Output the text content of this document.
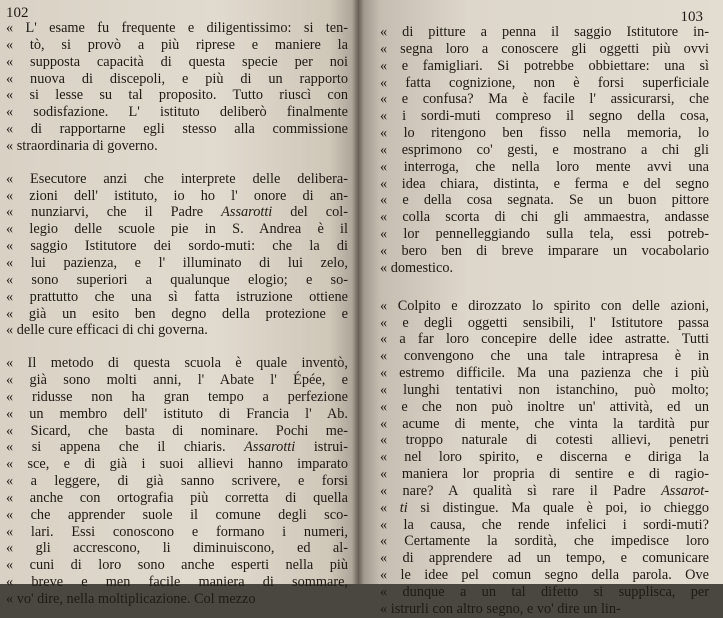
102
« L' esame fu frequente e diligentissimo: si ten-
« tò, si provò a più riprese e maniere la
« supposta capacità di questa specie per noi
« nuova di discepoli, e più di un rapporto
« si lesse su tal proposito. Tutto riuscì con
« sodisfazione. L' istituto deliberò finalmente
« di rapportarne egli stesso alla commissione
« straordinaria di governo.
« Esecutore anzi che interprete delle delibera-
« zioni dell' istituto, io ho l' onore di an-
« nunziarvi, che il Padre Assarotti del col-
« legio delle scuole pie in S. Andrea è il
« saggio Istitutore dei sordo-muti: che la di
« lui pazienza, e l' illuminato di lui zelo,
« sono superiori a qualunque elogio; e so-
« prattutto che una sì fatta istruzione ottiene
« già un esito ben degno della protezione e
« delle cure efficaci di chi governa.
« Il metodo di questa scuola è quale inventò,
« già sono molti anni, l' Abate l' Épée, e
« ridusse non ha gran tempo a perfezione
« un membro dell' istituto di Francia l' Ab.
« Sicard, che basta di nominare. Pochi me-
« si appena che il chiaris. Assarotti istrui-
« sce, e di già i suoi allievi hanno imparato
« a leggere, di già sanno scrivere, e forsi
« anche con ortografia più corretta di quella
« che apprender suole il comune degli sco-
« lari. Essi conoscono e formano i numeri,
« gli accrescono, li diminuiscono, ed al-
« cuni di loro sono anche esperti nella più
« breve e men facile maniera di sommare,
« vo' dire, nella moltiplicazione. Col mezzo
103
« di pitture a penna il saggio Istitutore in-
« segna loro a conoscere gli oggetti più ovvi
« e famigliari. Si potrebbe obbiettare: una sì
« fatta cognizione, non è forsi superficiale
« e confusa? Ma è facile l' assicurarsi, che
« i sordi-muti compreso il segno della cosa,
« lo ritengono ben fisso nella memoria, lo
« esprimono co' gesti, e mostrano a chi gli
« interroga, che nella loro mente avvi una
« idea chiara, distinta, e ferma e del segno
« e della cosa segnata. Se un buon pittore
« colla scorta di chi gli ammaestra, andasse
« lor pennelleggiando sulla tela, essi potreb-
« bero ben di breve imparare un vocabolario
« domestico.
« Colpito e dirozzato lo spirito con delle azioni,
« e degli oggetti sensibili, l' Istitutore passa
« a far loro concepire delle idee astratte. Tutti
« convengono che una tale intrapresa è in
« estremo difficile. Ma una pazienza che i più
« lunghi tentativi non istanchino, può molto;
« e che non può inoltre un' attività, ed un
« acume di mente, che vinta la tardità pur
« troppo naturale di cotesti allievi, penetri
« nel loro spirito, e discerna e diriga la
« maniera lor propria di sentire e di ragio-
« nare? A qualità sì rare il Padre Assarot-
« ti si distingue. Ma quale è poi, io chieggo
« la causa, che rende infelici i sordi-muti?
« Certamente la sordità, che impedisce loro
« di apprendere ad un tempo, e comunicare
« le idee pel comun segno della parola. Ove
« dunque a un tal difetto si supplisca, per
« istrurli con altro segno, e vo' dire un lin-
